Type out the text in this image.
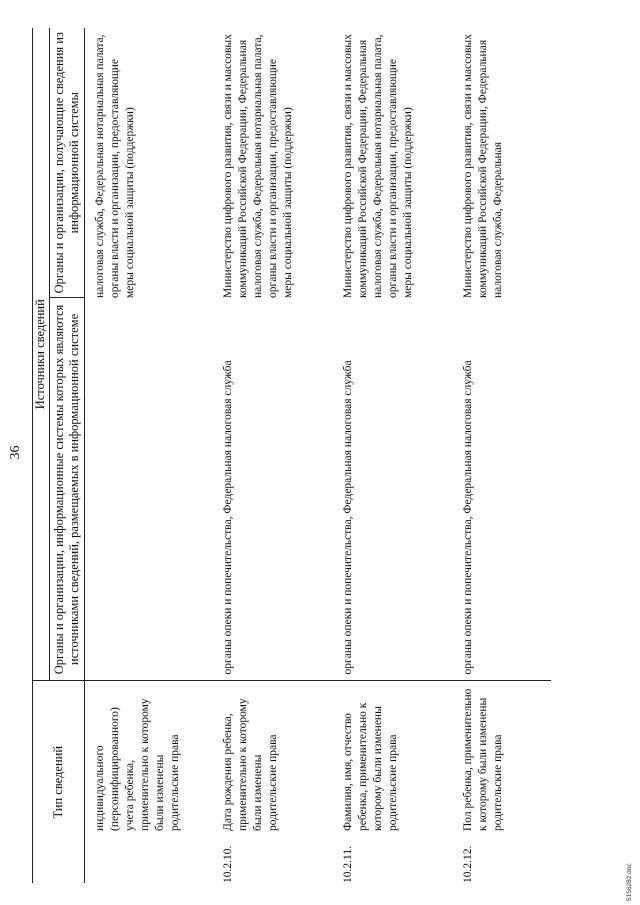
36
Тип сведений		Источники сведений	
		Органы и организации, информационные системы которых являются источниками сведений, размещаемых в информационной системе	Органы и организации, получающие сведения из информационной системы
	индивидуального (персонифицированного) учета ребенка, применительно к которому были изменены родительские права		налоговая служба, Федеральная нотариальная палата, органы власти и организации, предоставляющие меры социальной защиты (поддержки)
10.2.10.	Дата рождения ребенка, применительно к которому были изменены родительские права	органы опеки и попечительства, Федеральная налоговая служба	Министерство цифрового развития, связи и массовых коммуникаций Российской Федерации, Федеральная налоговая служба, Федеральная нотариальная палата, органы власти и организации, предоставляющие меры социальной защиты (поддержки)
10.2.11.	Фамилия, имя, отчество ребенка, применительно к которому были изменены родительские права	органы опеки и попечительства, Федеральная налоговая служба	Министерство цифрового развития, связи и массовых коммуникаций Российской Федерации, Федеральная налоговая служба, Федеральная нотариальная палата, органы власти и организации, предоставляющие меры социальной защиты (поддержки)
10.2.12.	Пол ребенка, применительно к которому были изменены родительские права	органы опеки и попечительства, Федеральная налоговая служба	Министерство цифрового развития, связи и массовых коммуникаций Российской Федерации, Федеральная налоговая служба, Федеральная
5156282.doc
